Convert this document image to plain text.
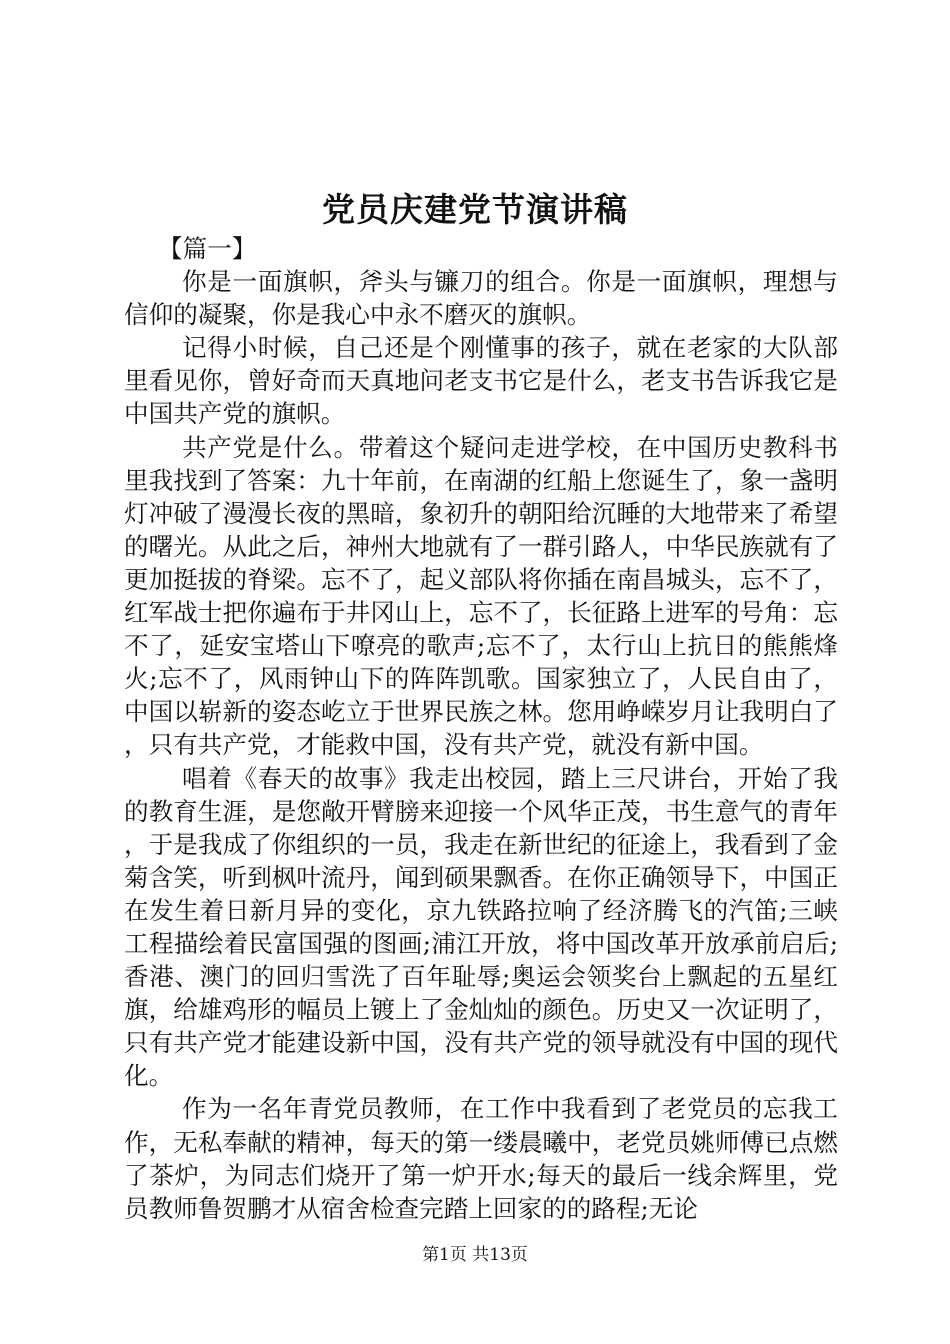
党员庆建党节演讲稿

【篇一】

你是一面旗帜，斧头与镰刀的组合。你是一面旗帜，理想与信仰的凝聚，你是我心中永不磨灭的旗帜。

记得小时候，自己还是个刚懂事的孩子，就在老家的大队部里看见你，曾好奇而天真地问老支书它是什么，老支书告诉我它是中国共产党的旗帜。

共产党是什么。带着这个疑问走进学校，在中国历史教科书里我找到了答案：九十年前，在南湖的红船上您诞生了，象一盏明灯冲破了漫漫长夜的黑暗，象初升的朝阳给沉睡的大地带来了希望的曙光。从此之后，神州大地就有了一群引路人，中华民族就有了更加挺拔的脊梁。忘不了，起义部队将你插在南昌城头，忘不了，红军战士把你遍布于井冈山上，忘不了，长征路上进军的号角：忘不了，延安宝塔山下嘹亮的歌声;忘不了，太行山上抗日的熊熊烽火;忘不了，风雨钟山下的阵阵凯歌。国家独立了，人民自由了，中国以崭新的姿态屹立于世界民族之林。您用峥嵘岁月让我明白了，只有共产党，才能救中国，没有共产党，就没有新中国。

唱着《春天的故事》我走出校园，踏上三尺讲台，开始了我的教育生涯，是您敞开臂膀来迎接一个风华正茂，书生意气的青年，于是我成了你组织的一员，我走在新世纪的征途上，我看到了金菊含笑，听到枫叶流丹，闻到硕果飘香。在你正确领导下，中国正在发生着日新月异的变化，京九铁路拉响了经济腾飞的汽笛;三峡工程描绘着民富国强的图画;浦江开放，将中国改革开放承前启后;香港、澳门的回归雪洗了百年耻辱;奥运会领奖台上飘起的五星红旗，给雄鸡形的幅员上镀上了金灿灿的颜色。历史又一次证明了，只有共产党才能建设新中国，没有共产党的领导就没有中国的现代化。

作为一名年青党员教师，在工作中我看到了老党员的忘我工作，无私奉献的精神，每天的第一缕晨曦中，老党员姚师傅已点燃了茶炉，为同志们烧开了第一炉开水;每天的最后一线余辉里，党员教师鲁贺鹏才从宿舍检查完踏上回家的的路程;无论

第1页 共13页
